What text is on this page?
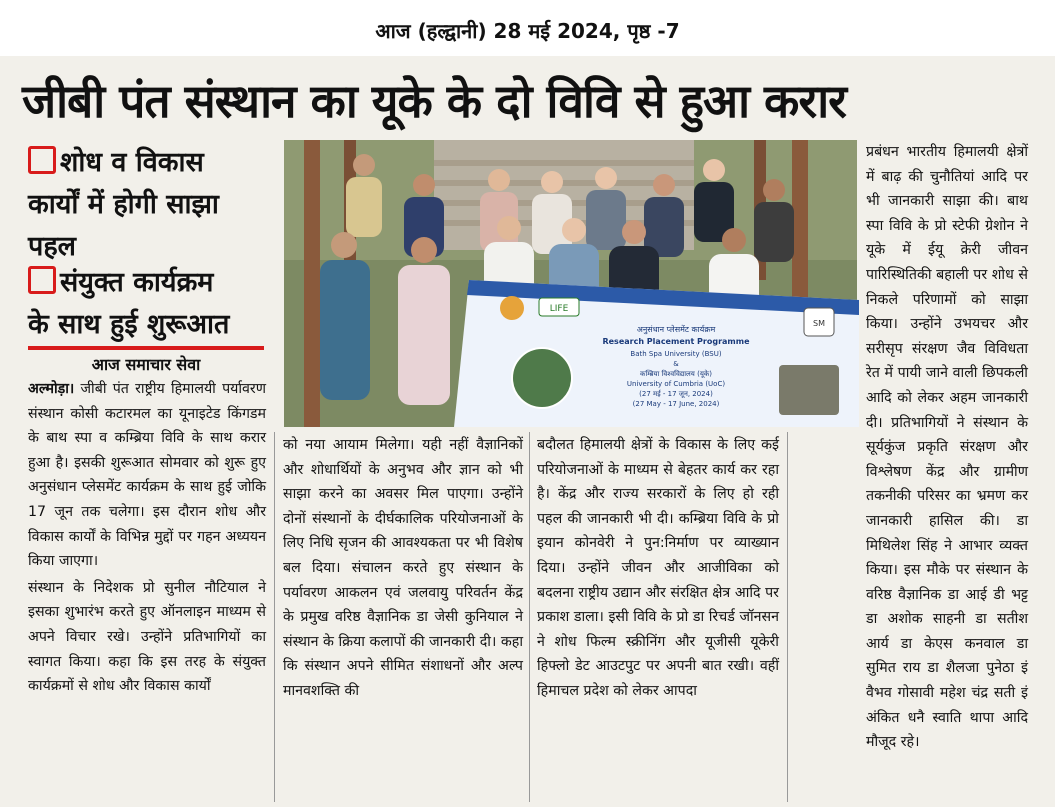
आज (हल्द्वानी) 28 मई 2024, पृष्ठ -7
जीबी पंत संस्थान का यूके के दो विवि से हुआ करार
शोध व विकास
कार्यों में होगी साझा
पहल
संयुक्त कार्यक्रम
के साथ हुई शुरूआत
आज समाचार सेवा

अल्मोड़ा। जीबी पंत राष्ट्रीय हिमालयी पर्यावरण संस्थान कोसी कटारमल का यूनाइटेड किंगडम के बाथ स्पा व कम्ब्रिया विवि के साथ करार हुआ है। इसकी शुरूआत सोमवार को शुरू हुए अनुसंधान प्लेसमेंट कार्यक्रम के साथ हुई जोकि 17 जून तक चलेगा। इस दौरान शोध और विकास कार्यों के विभिन्न मुद्दों पर गहन अध्ययन किया जाएगा।

संस्थान के निदेशक प्रो सुनील नौटियाल ने इसका शुभारंभ करते हुए ऑनलाइन माध्यम से अपने विचार रखे। उन्होंने प्रतिभागियों का स्वागत किया। कहा कि इस तरह के संयुक्त कार्यक्रमों से शोध और विकास कार्यों

को नया आयाम मिलेगा। यही नहीं वैज्ञानिकों और शोधार्थियों के अनुभव और ज्ञान को भी साझा करने का अवसर मिल पाएगा। उन्होंने दोनों संस्थानों के दीर्घकालिक परियोजनाओं के लिए निधि सृजन की आवश्यकता पर भी विशेष बल दिया। संचालन करते हुए संस्थान के पर्यावरण आकलन एवं जलवायु परिवर्तन केंद्र के प्रमुख वरिष्ठ वैज्ञानिक डा जेसी कुनियाल ने संस्थान के क्रिया कलापों की जानकारी दी। कहा कि संस्थान अपने सीमित संशाधनों और अल्प मानवशक्ति की

बदौलत हिमालयी क्षेत्रों के विकास के लिए कई परियोजनाओं के माध्यम से बेहतर कार्य कर रहा है। केंद्र और राज्य सरकारों के लिए हो रही पहल की जानकारी भी दी। कम्ब्रिया विवि के प्रो इयान कोनवेरी ने पुन:निर्माण पर व्याख्यान दिया। उन्होंने जीवन और आजीविका को बदलना राष्ट्रीय उद्यान और संरक्षित क्षेत्र आदि पर प्रकाश डाला। इसी विवि के प्रो डा रिचर्ड जॉनसन ने शोध फिल्म स्क्रीनिंग और यूजीसी यूकेरी हिफ्लो डेट आउटपुट पर अपनी बात रखी। वहीं हिमाचल प्रदेश को लेकर आपदा

प्रबंधन भारतीय हिमालयी क्षेत्रों में बाढ़ की चुनौतियां आदि पर भी जानकारी साझा की। बाथ स्पा विवि के प्रो स्टेफी ग्रेशोन ने यूके में ईयू क्रेरी जीवन पारिस्थितिकी बहाली पर शोध से निकले परिणामों को साझा किया। उन्होंने उभयचर और सरीसृप संरक्षण जैव विविधता रेत में पायी जाने वाली छिपकली आदि को लेकर अहम जानकारी दी। प्रतिभागियों ने संस्थान के सूर्यकुंज प्रकृति संरक्षण और विश्लेषण केंद्र और ग्रामीण तकनीकी परिसर का भ्रमण कर जानकारी हासिल की। डा मिथिलेश सिंह ने आभार व्यक्त किया। इस मौके पर संस्थान के वरिष्ठ वैज्ञानिक डा आई डी भट्ट डा अशोक साहनी डा सतीश आर्य डा केएस कनवाल डा सुमित राय डा शैलजा पुनेठा इं वैभव गोसावी महेश चंद्र सती इं अंकित धनै स्वाति थापा आदि मौजूद रहे।

LIFE
अनुसंधान प्लेसमेंट कार्यक्रम
Research Placement Programme
Bath Spa University (BSU)
&
कम्ब्रिया विश्वविद्यालय (यूके)
University of Cumbria (UoC)
(27 मई - 17 जून, 2024)
(27 May - 17 June, 2024)
SM
